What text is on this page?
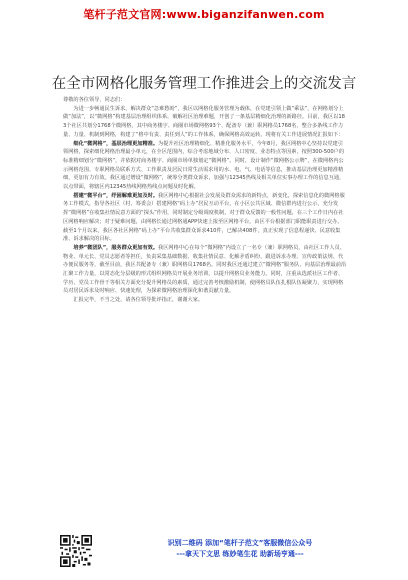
笔杆子范文官网:www.biganzifanwen.com
在全市网格化服务管理工作推进会上的交流发言

尊敬的各位领导、同志们：

为进一步畅通民生诉求，解决群众“急难愁盼”，我区以网格化服务管理为载体，在党建引领上做“乘法”，在网格划分上做“加法”，以“微网格”构建基层治理组织体系，破解社区治理难题，开创了一条基层精细化治理的新路径。目前，我区以183个社区共划分1768个微网格，其中商务楼宇、商圈市场微网格93个、配备专（兼）职网格员1768名，整合多条线工作力量、力量、机制到网格，构建了“格中有责、责任到人”的工作体系，确保网格高效运转。现将有关工作进展情况汇报如下：

细化“微网格”，基层治理更加精准。为提升社区治理精细化、精准化服务水平，今年8月，我区网格中心坚持以党建引领网格，探索细化网格治理最小单元，在全区范围内，综合考虑地域分布、人口密度、业态特点等因素，按照300-500户的标准精细划分“微网格”，并依据对商务楼宇、商圈市场单独划定“微网格”。同时，设计制作“微网格公示牌”，在微网格内公示网格范围、专职网格员联系方式、工作职责及居民日常生活需求用的水、电、气、电话等信息，推动基层治理更加精准精细，更加有力有效。我区通过增设“微网格”，统筹分类群众诉求，加强与12345热线及相关单位实事办理工作的信息互通，以点带面，将辖区内12345热线网格热线点问题及时化解。

搭建“微平台”，纾困解难更加及时。我区网格中心根据社会发展及群众需求的新特点，新变化，探索信息化的微网格服务工作模式，指导各社区（村、筹委会）搭建网格“码上办”居民互动平台，在小区公共区域、微信群内进行公示，充分发挥“微网格”在收集社情民意方面的“探头”作用，同时制定分级调度机制，对于群众反馈的一般性问题，在三个工作日内在社区网格响应解决；对于疑难问题，由网格长通过网格通APP快速上报至区网格平台，由区平台根据部门职能职责进行交办。截至1个月以来，我区各社区网格“码上办”平台共收集群众诉求410件，已解决408件，真正实现了信息程递快、民意收集准、诉求解决的目标。

培养“微团队”，服务群众更加有效。我区网格中心在每个“微网格”内设立了一名专（兼）职网格员，由社区工作人员、物业、单元长、党员志愿者等担任，负责采集基础数据、收集社情民意、化解矛盾纠纷、跟进诉求办理、宣传政策法规、代办便民服务等，截至目前，我区共配备专（兼）职网格员1768名，同时我区还通过建立“微网格”服务队，向基层治理最前沿汇聚工作力量，以常态化分层级的形式组织网格员开展业务培训，以提升网格员业务能力。同时，注重从选派社区工作者、学历、党员工作骨干等相关方面充分提升网格员的素质，通过完善考核激励机制，使网格员队伍扎根队伍凝聚力，实现网格员对居民诉求及时响应、快速处理，为探索微网格治理深化和谐贡献力量。

汇报完毕，不当之处，请各位领导批评指正，谢谢大家。

识别二维码 添加“笔杆子范文”客服微信公众号
---拿天下文思 练妙笔生花 助新场亨通---
